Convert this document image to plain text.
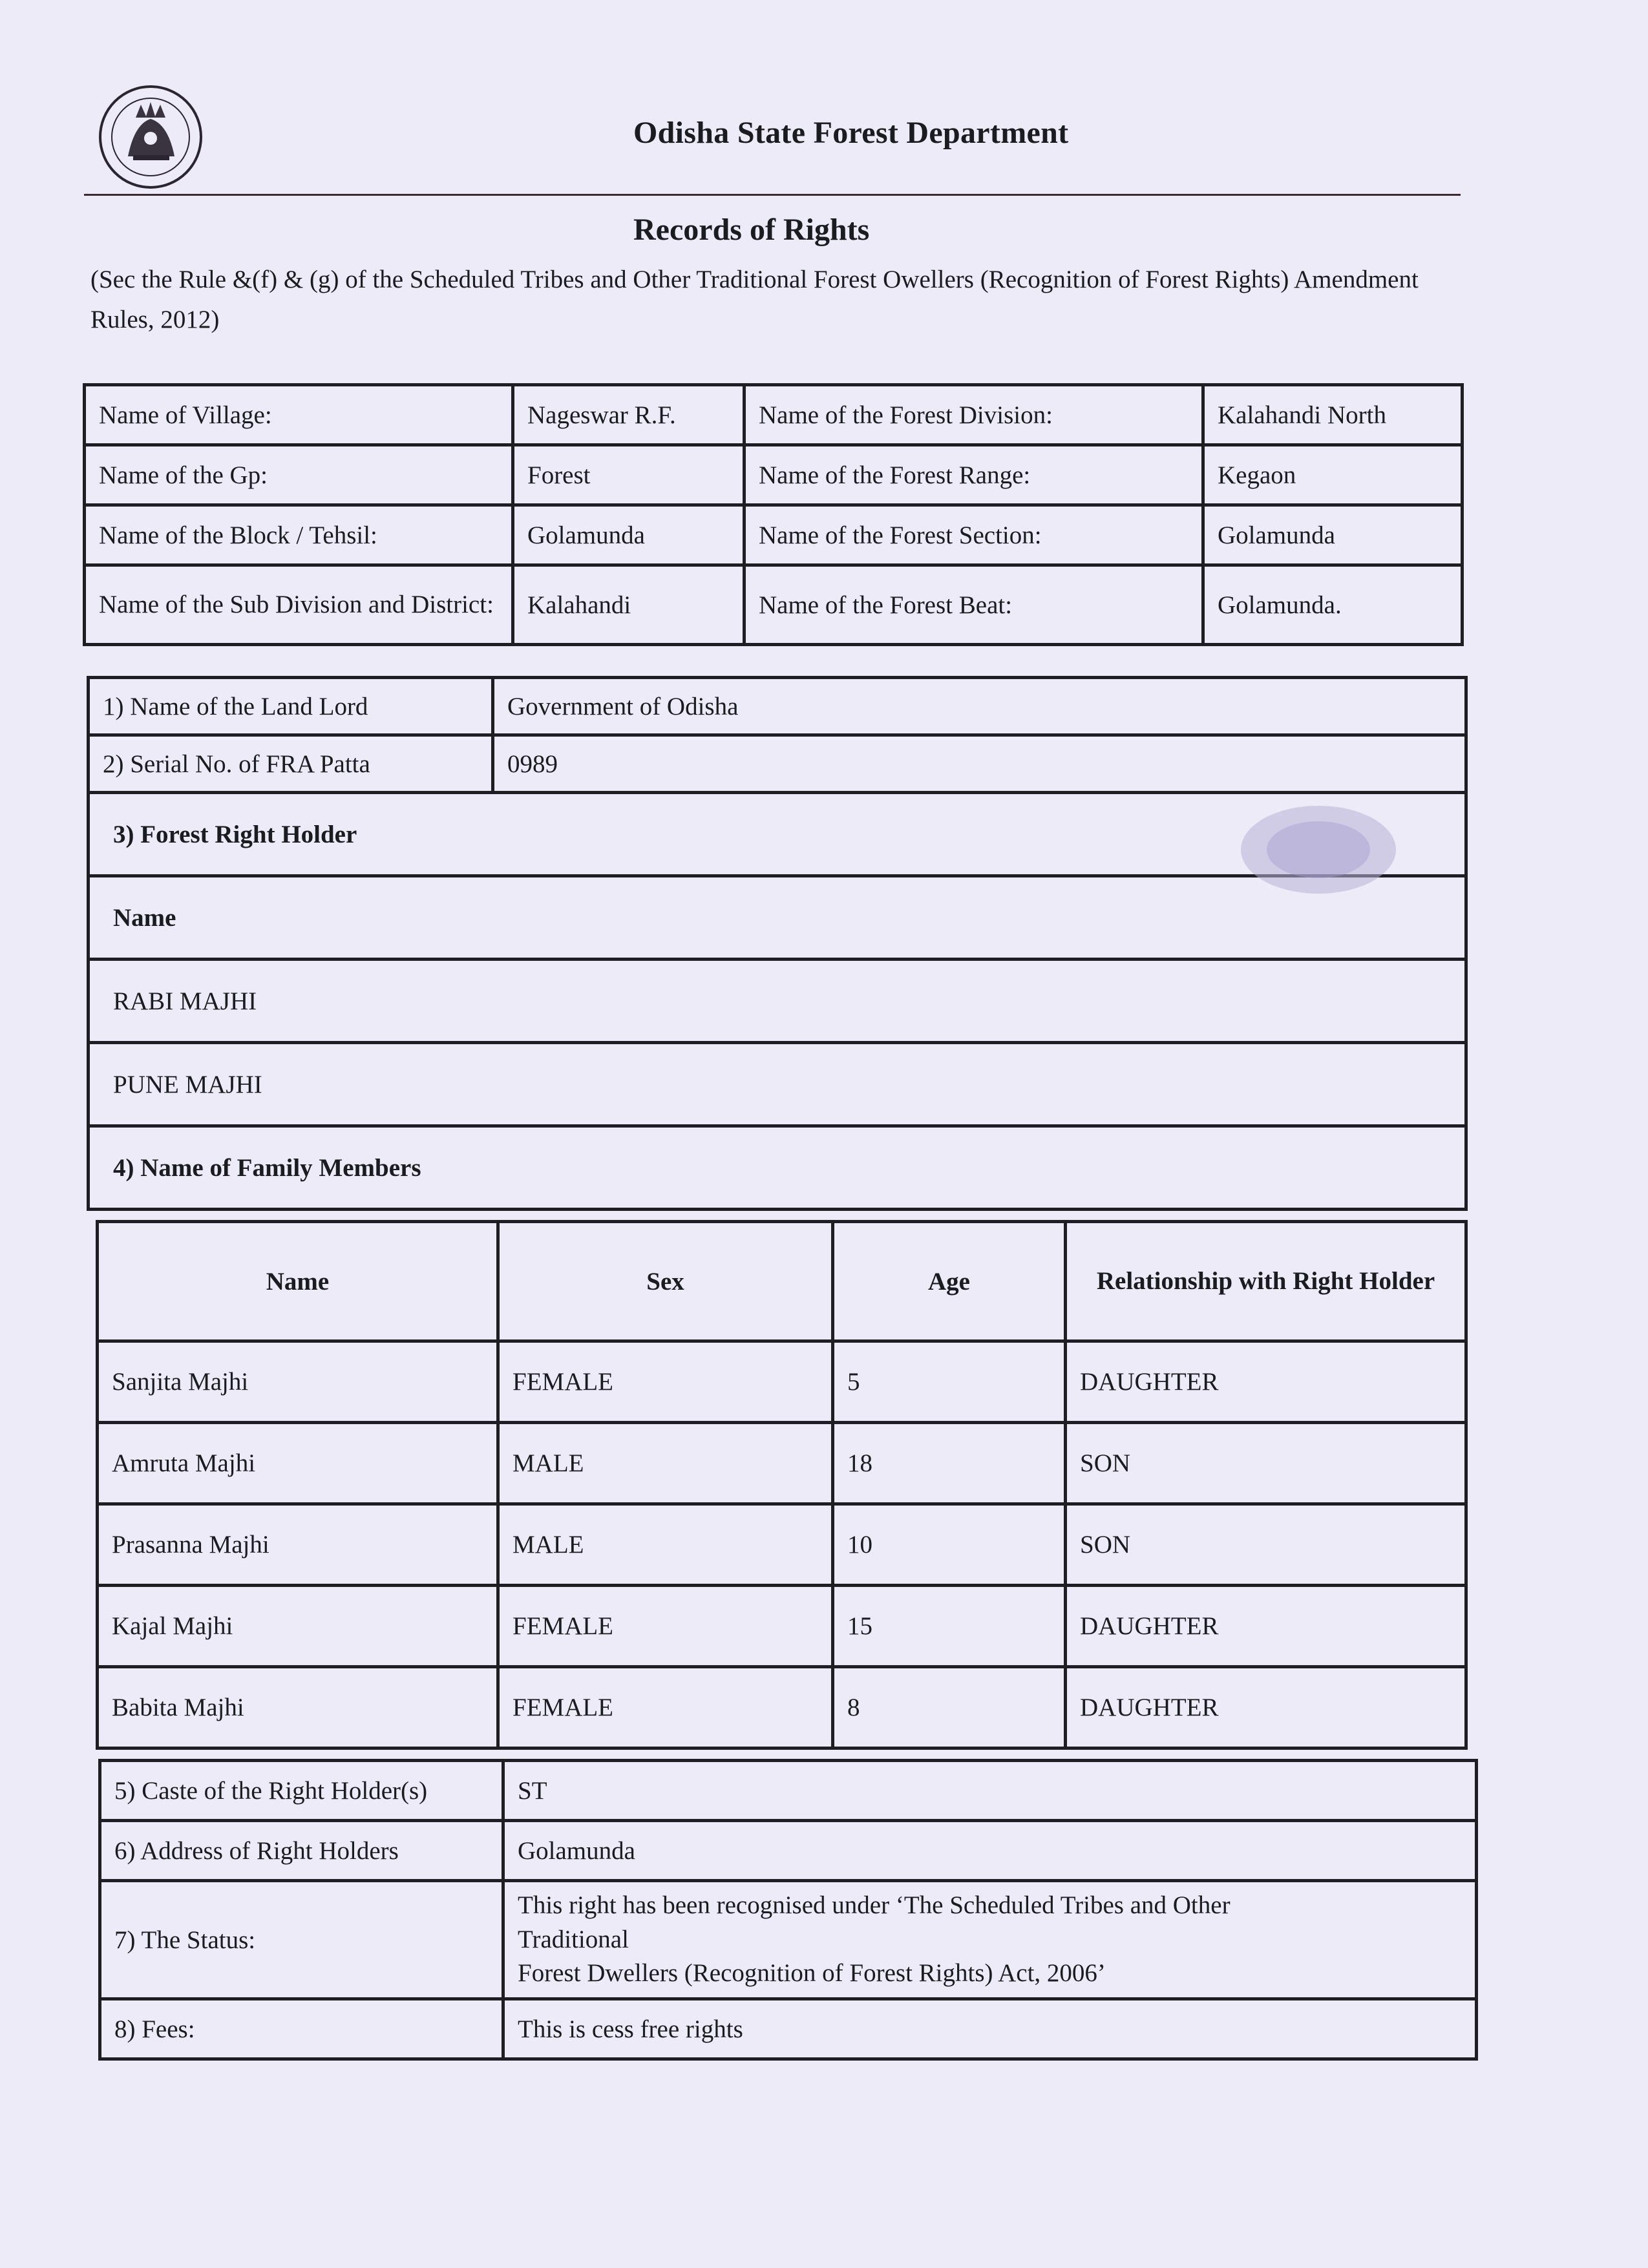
Odisha State Forest Department
Records of Rights
(Sec the Rule &(f) & (g) of the Scheduled Tribes and Other Traditional Forest Owellers (Recognition of Forest Rights) Amendment Rules, 2012)
Name of Village:	Nageswar R.F.	Name of the Forest Division:	Kalahandi North
Name of the Gp:	Forest	Name of the Forest Range:	Kegaon
Name of the Block / Tehsil:	Golamunda	Name of the Forest Section:	Golamunda
Name of the Sub Division and District:	Kalahandi	Name of the Forest Beat:	Golamunda.
1) Name of the Land Lord	Government of Odisha
2) Serial No. of FRA Patta	0989
3) Forest Right Holder	
Name	
RABI MAJHI	
PUNE MAJHI	
4) Name of Family Members	
Name	Sex	Age	Relationship with Right Holder
Sanjita Majhi	FEMALE	5	DAUGHTER
Amruta Majhi	MALE	18	SON
Prasanna Majhi	MALE	10	SON
Kajal Majhi	FEMALE	15	DAUGHTER
Babita Majhi	FEMALE	8	DAUGHTER
5) Caste of the Right Holder(s)	ST
6) Address of Right Holders	Golamunda
7) The Status:	This right has been recognised under ‘The Scheduled Tribes and Other
Traditional
Forest Dwellers (Recognition of Forest Rights) Act, 2006’

8) Fees:	This is cess free rights
